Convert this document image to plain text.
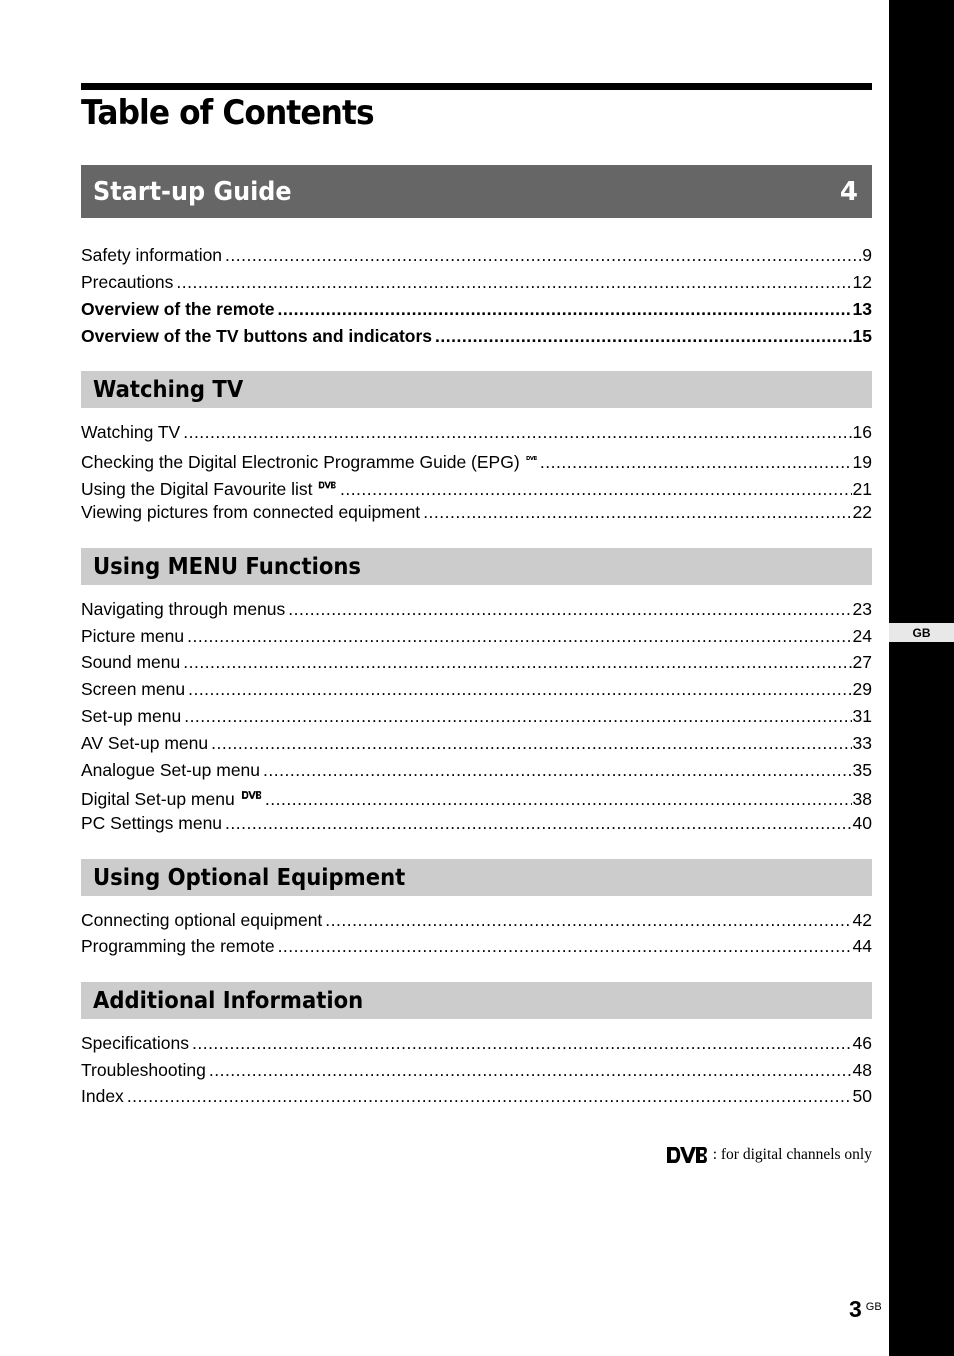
GB
Table of Contents
Start-up Guide	4
Safety information .....	9
Precautions .....	12
Overview of the remote .....	13
Overview of the TV buttons and indicators .....	15
Watching TV
Watching TV .....	16
Checking the Digital Electronic Programme Guide (EPG) .....	19
Using the Digital Favourite list .....	21
Viewing pictures from connected equipment .....	22
Using MENU Functions
Navigating through menus .....	23
Picture menu .....	24
Sound menu .....	27
Screen menu .....	29
Set-up menu .....	31
AV Set-up menu .....	33
Analogue Set-up menu .....	35
Digital Set-up menu .....	38
PC Settings menu .....	40
Using Optional Equipment
Connecting optional equipment .....	42
Programming the remote .....	44
Additional Information
Specifications .....	46
Troubleshooting .....	48
Index .....	50
: for digital channels only
3 GB
